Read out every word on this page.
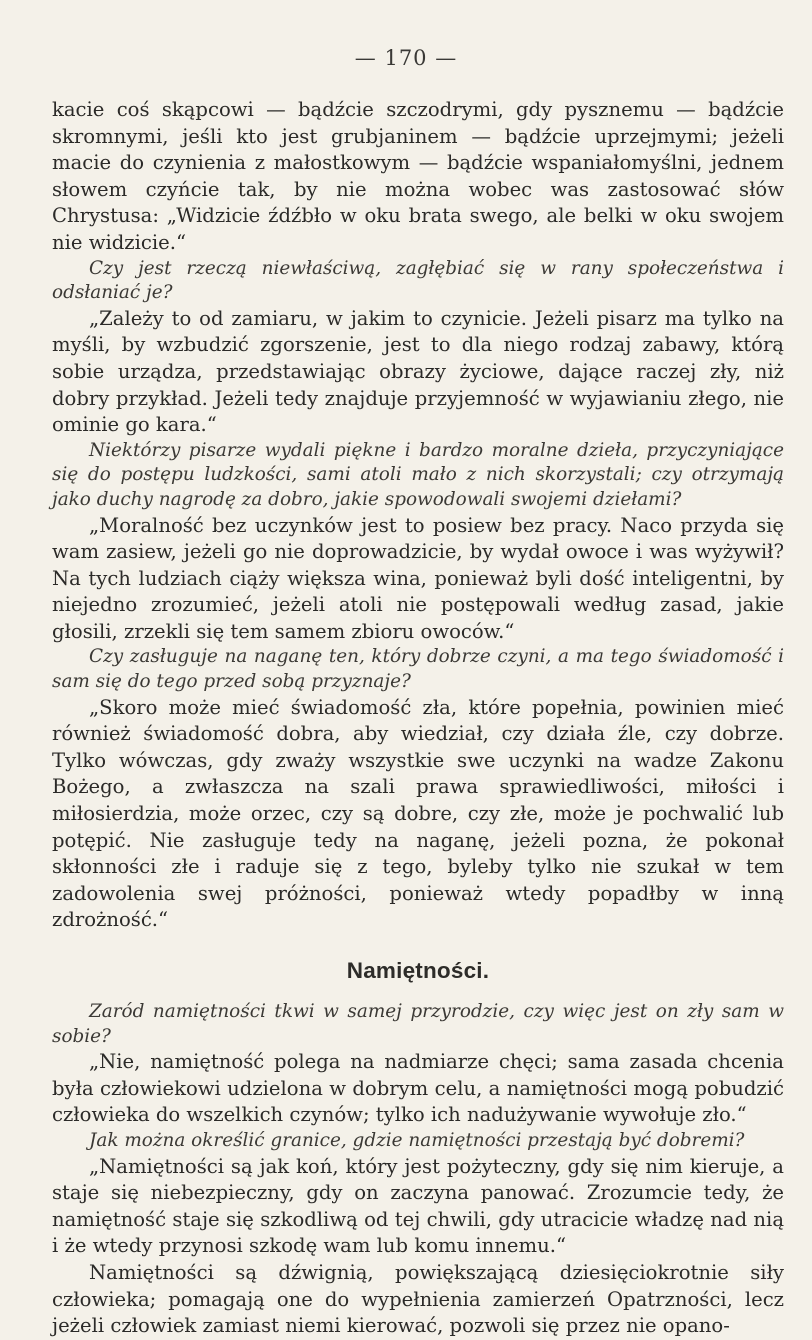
— 170 —

kacie coś skąpcowi — bądźcie szczodrymi, gdy pysznemu — bądźcie skromnymi, jeśli kto jest grubjaninem — bądźcie uprzejmymi; jeżeli macie do czynienia z małostkowym — bądźcie wspaniałomyślni, jednem słowem czyńcie tak, by nie można wobec was zastosować słów Chrystusa: „Widzicie źdźbło w oku brata swego, ale belki w oku swojem nie widzicie.“

Czy jest rzeczą niewłaściwą, zagłębiać się w rany społeczeństwa i odsłaniać je?

„Zależy to od zamiaru, w jakim to czynicie. Jeżeli pisarz ma tylko na myśli, by wzbudzić zgorszenie, jest to dla niego rodzaj zabawy, którą sobie urządza, przedstawiając obrazy życiowe, dające raczej zły, niż dobry przykład. Jeżeli tedy znajduje przyjemność w wyjawianiu złego, nie ominie go kara.“

Niektórzy pisarze wydali piękne i bardzo moralne dzieła, przyczyniające się do postępu ludzkości, sami atoli mało z nich skorzystali; czy otrzymają jako duchy nagrodę za dobro, jakie spowodowali swojemi dziełami?

„Moralność bez uczynków jest to posiew bez pracy. Naco przyda się wam zasiew, jeżeli go nie doprowadzicie, by wydał owoce i was wyżywił? Na tych ludziach ciąży większa wina, ponieważ byli dość inteligentni, by niejedno zrozumieć, jeżeli atoli nie postępowali według zasad, jakie głosili, zrzekli się tem samem zbioru owoców.“

Czy zasługuje na naganę ten, który dobrze czyni, a ma tego świadomość i sam się do tego przed sobą przyznaje?

„Skoro może mieć świadomość zła, które popełnia, powinien mieć również świadomość dobra, aby wiedział, czy działa źle, czy dobrze. Tylko wówczas, gdy zważy wszystkie swe uczynki na wadze Zakonu Bożego, a zwłaszcza na szali prawa sprawiedliwości, miłości i miłosierdzia, może orzec, czy są dobre, czy złe, może je pochwalić lub potępić. Nie zasługuje tedy na naganę, jeżeli pozna, że pokonał skłonności złe i raduje się z tego, byleby tylko nie szukał w tem zadowolenia swej próżności, ponieważ wtedy popadłby w inną zdrożność.“

Namiętności.

Zaród namiętności tkwi w samej przyrodzie, czy więc jest on zły sam w sobie?

„Nie, namiętność polega na nadmiarze chęci; sama zasada chcenia była człowiekowi udzielona w dobrym celu, a namiętności mogą pobudzić człowieka do wszelkich czynów; tylko ich nadużywanie wywołuje zło.“

Jak można określić granice, gdzie namiętności przestają być dobremi?

„Namiętności są jak koń, który jest pożyteczny, gdy się nim kieruje, a staje się niebezpieczny, gdy on zaczyna panować. Zrozumcie tedy, że namiętność staje się szkodliwą od tej chwili, gdy utracicie władzę nad nią i że wtedy przynosi szkodę wam lub komu innemu.“

Namiętności są dźwignią, powiększającą dziesięciokrotnie siły człowieka; pomagają one do wypełnienia zamierzeń Opatrzności, lecz jeżeli człowiek zamiast niemi kierować, pozwoli się przez nie opano-
